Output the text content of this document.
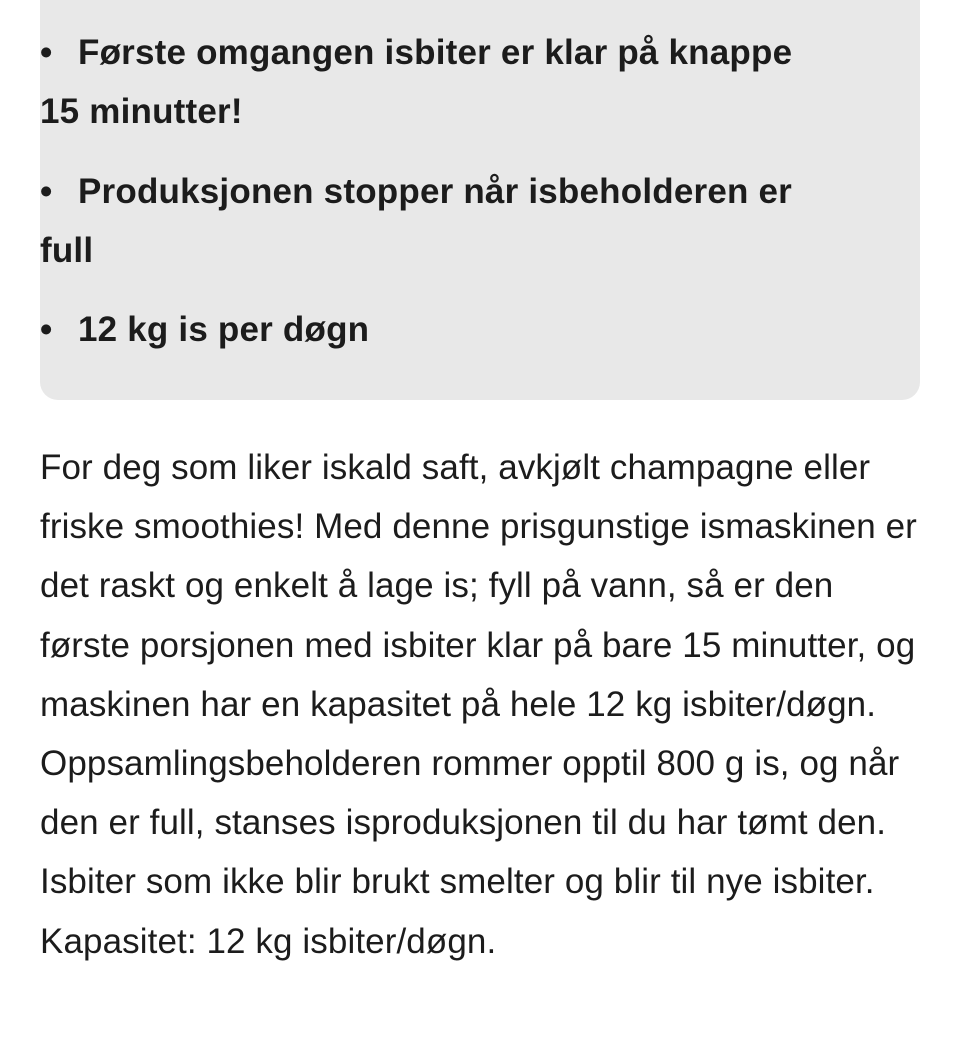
• Første omgangen isbiter er klar på knappe 15 minutter!
• Produksjonen stopper når isbeholderen er full
• 12 kg is per døgn

For deg som liker iskald saft, avkjølt champagne eller friske smoothies! Med denne prisgunstige ismaskinen er det raskt og enkelt å lage is; fyll på vann, så er den første porsjonen med isbiter klar på bare 15 minutter, og maskinen har en kapasitet på hele 12 kg isbiter/døgn. Oppsamlingsbeholderen rommer opptil 800 g is, og når den er full, stanses isproduksjonen til du har tømt den. Isbiter som ikke blir brukt smelter og blir til nye isbiter. Kapasitet: 12 kg isbiter/døgn.
